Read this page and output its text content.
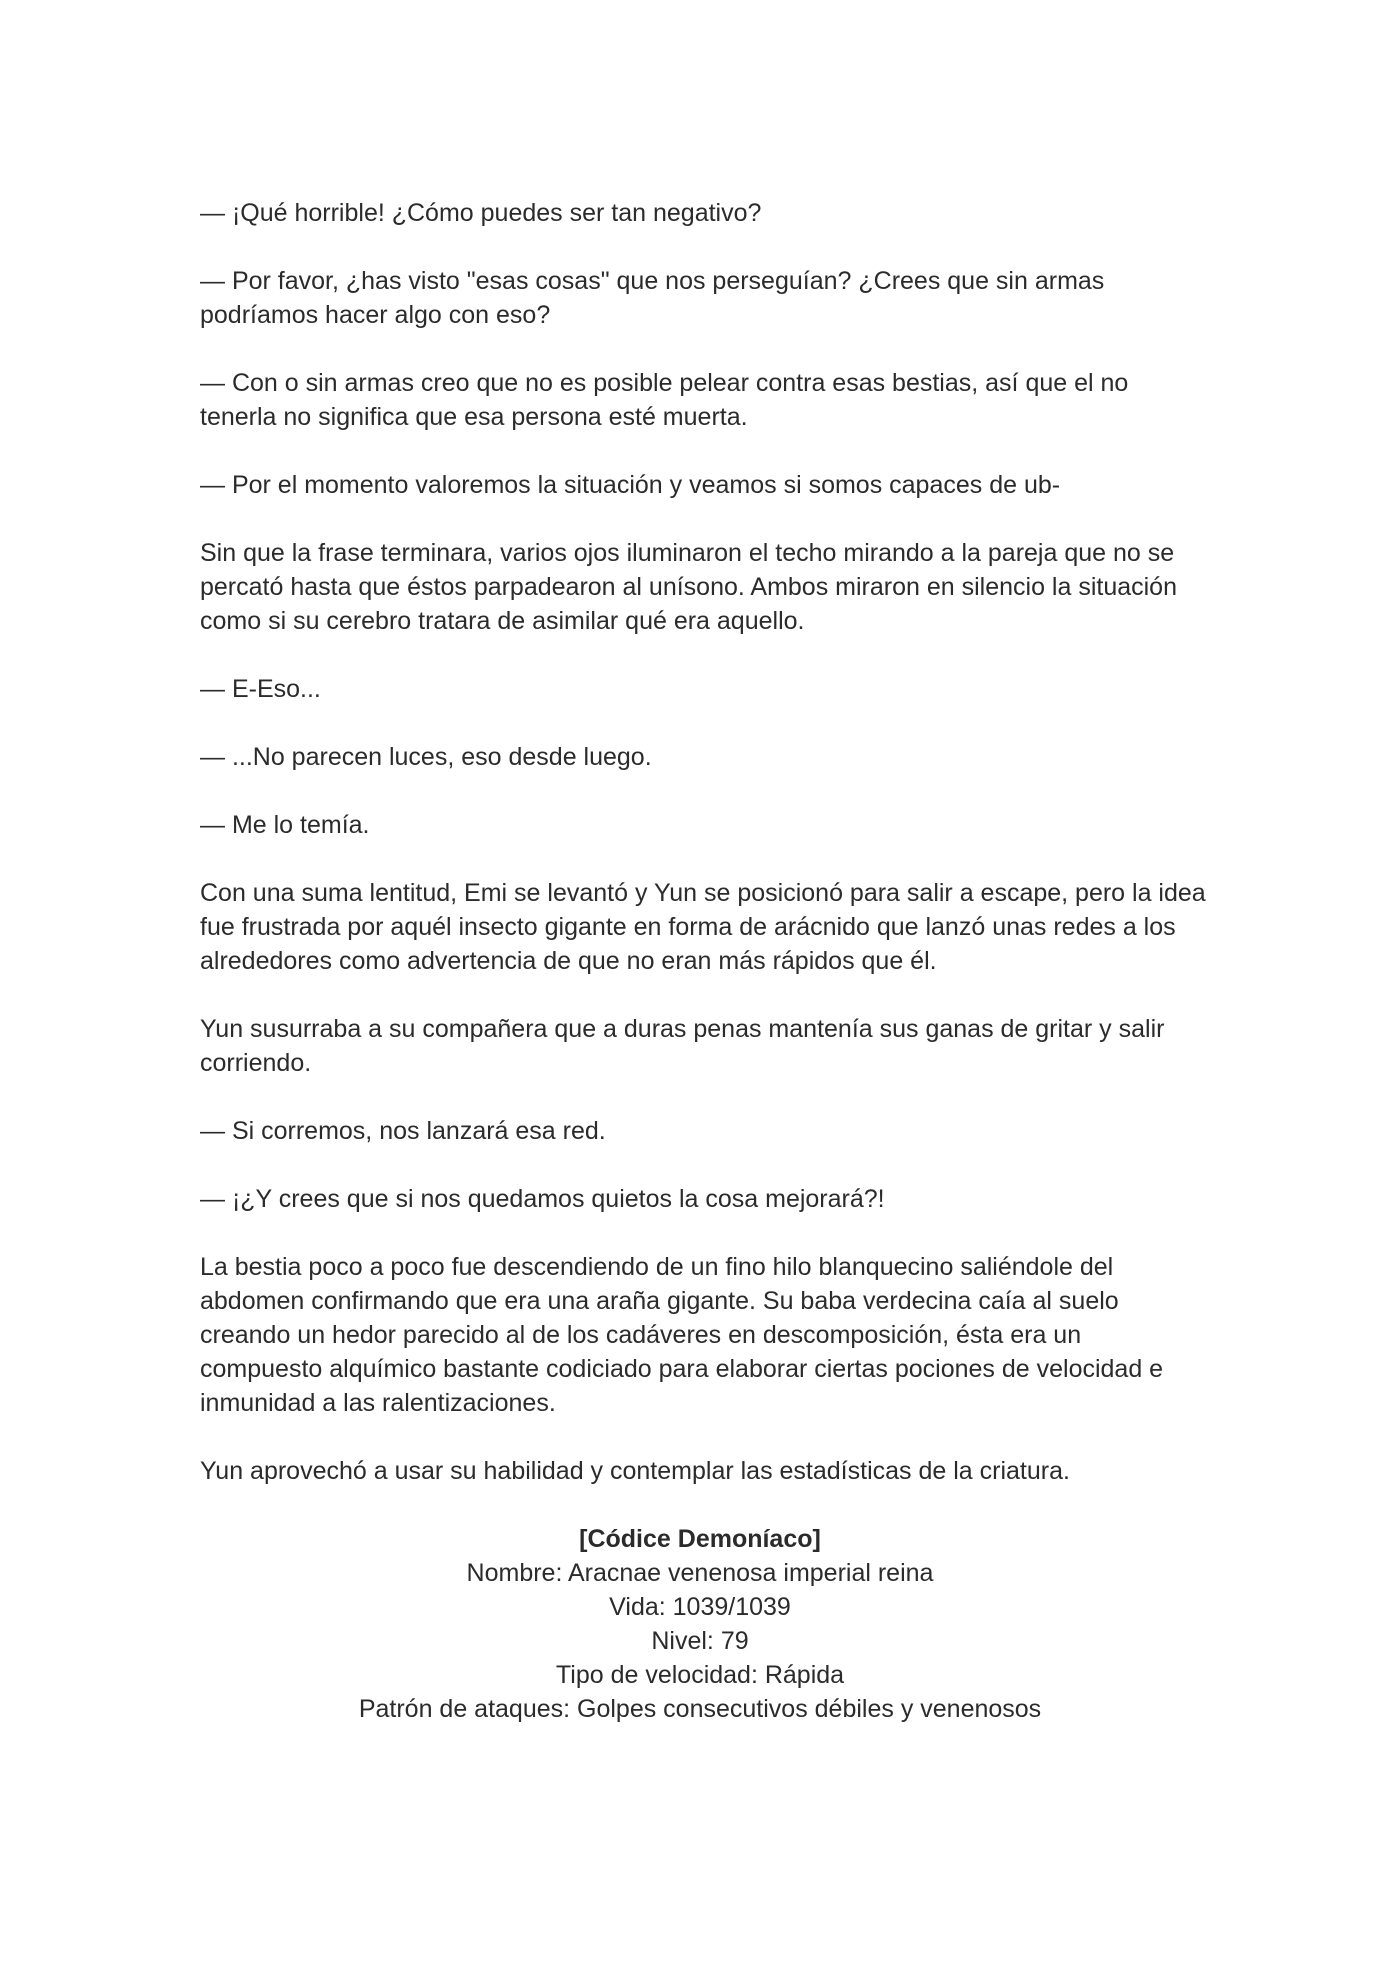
— ¡Qué horrible! ¿Cómo puedes ser tan negativo?

— Por favor, ¿has visto "esas cosas" que nos perseguían? ¿Crees que sin armas podríamos hacer algo con eso?

— Con o sin armas creo que no es posible pelear contra esas bestias, así que el no tenerla no significa que esa persona esté muerta.

— Por el momento valoremos la situación y veamos si somos capaces de ub-

Sin que la frase terminara, varios ojos iluminaron el techo mirando a la pareja que no se percató hasta que éstos parpadearon al unísono. Ambos miraron en silencio la situación como si su cerebro tratara de asimilar qué era aquello.

— E-Eso...

— ...No parecen luces, eso desde luego.

— Me lo temía.

Con una suma lentitud, Emi se levantó y Yun se posicionó para salir a escape, pero la idea fue frustrada por aquél insecto gigante en forma de arácnido que lanzó unas redes a los alrededores como advertencia de que no eran más rápidos que él.

Yun susurraba a su compañera que a duras penas mantenía sus ganas de gritar y salir corriendo.

— Si corremos, nos lanzará esa red.

— ¡¿Y crees que si nos quedamos quietos la cosa mejorará?!

La bestia poco a poco fue descendiendo de un fino hilo blanquecino saliéndole del abdomen confirmando que era una araña gigante. Su baba verdecina caía al suelo creando un hedor parecido al de los cadáveres en descomposición, ésta era un compuesto alquímico bastante codiciado para elaborar ciertas pociones de velocidad e inmunidad a las ralentizaciones.

Yun aprovechó a usar su habilidad y contemplar las estadísticas de la criatura.

[Códice Demoníaco]
Nombre: Aracnae venenosa imperial reina
Vida: 1039/1039
Nivel: 79
Tipo de velocidad: Rápida
Patrón de ataques: Golpes consecutivos débiles y venenosos
